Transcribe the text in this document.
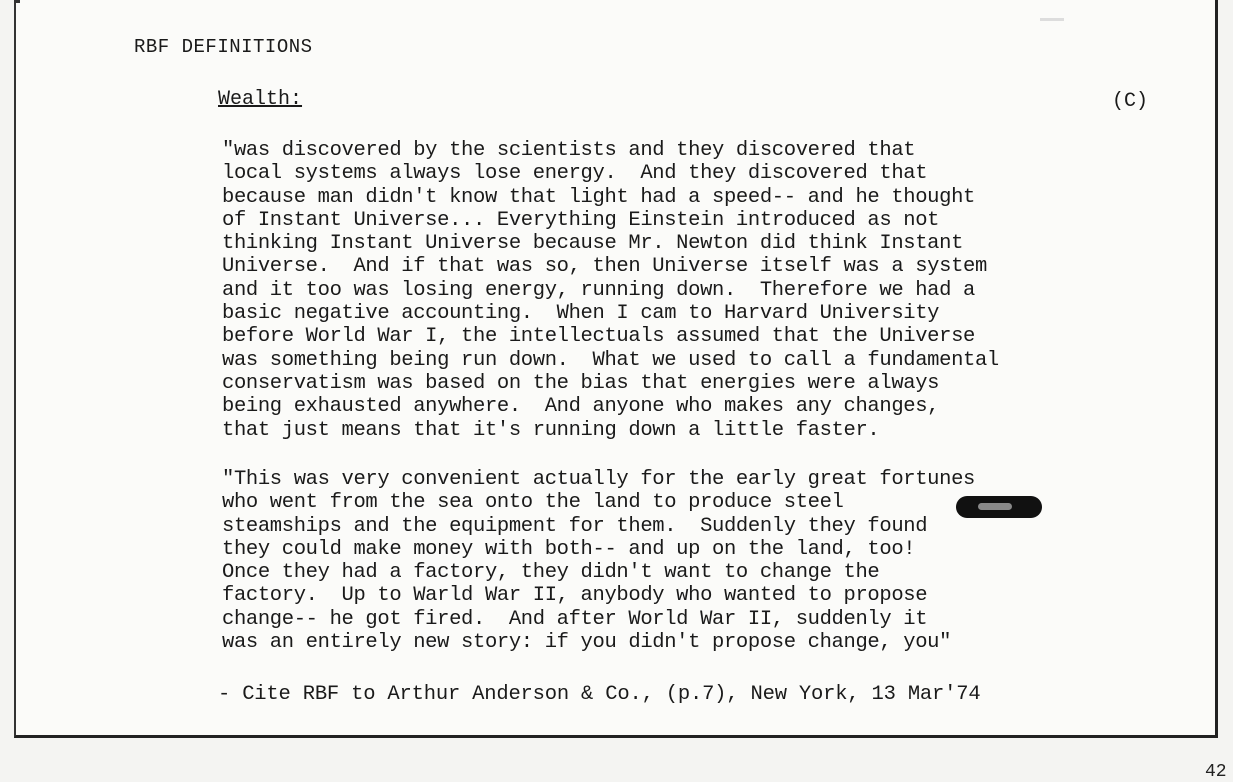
RBF DEFINITIONS
Wealth:	(C)
"was discovered by the scientists and they discovered that
local systems always lose energy.  And they discovered that
because man didn't know that light had a speed-- and he thought
of Instant Universe... Everything Einstein introduced as not
thinking Instant Universe because Mr. Newton did think Instant
Universe.  And if that was so, then Universe itself was a system
and it too was losing energy, running down.  Therefore we had a
basic negative accounting.  When I cam to Harvard University
before World War I, the intellectuals assumed that the Universe
was something being run down.  What we used to call a fundamental
conservatism was based on the bias that energies were always
being exhausted anywhere.  And anyone who makes any changes,
that just means that it's running down a little faster.
"This was very convenient actually for the early great fortunes
who went from the sea onto the land to produce steel
steamships and the equipment for them.  Suddenly they found
they could make money with both-- and up on the land, too!
Once they had a factory, they didn't want to change the
factory.  Up to Warld War II, anybody who wanted to propose
change-- he got fired.  And after World War II, suddenly it
was an entirely new story: if you didn't propose change, you"
- Cite RBF to Arthur Anderson & Co., (p.7), New York, 13 Mar'74
42
